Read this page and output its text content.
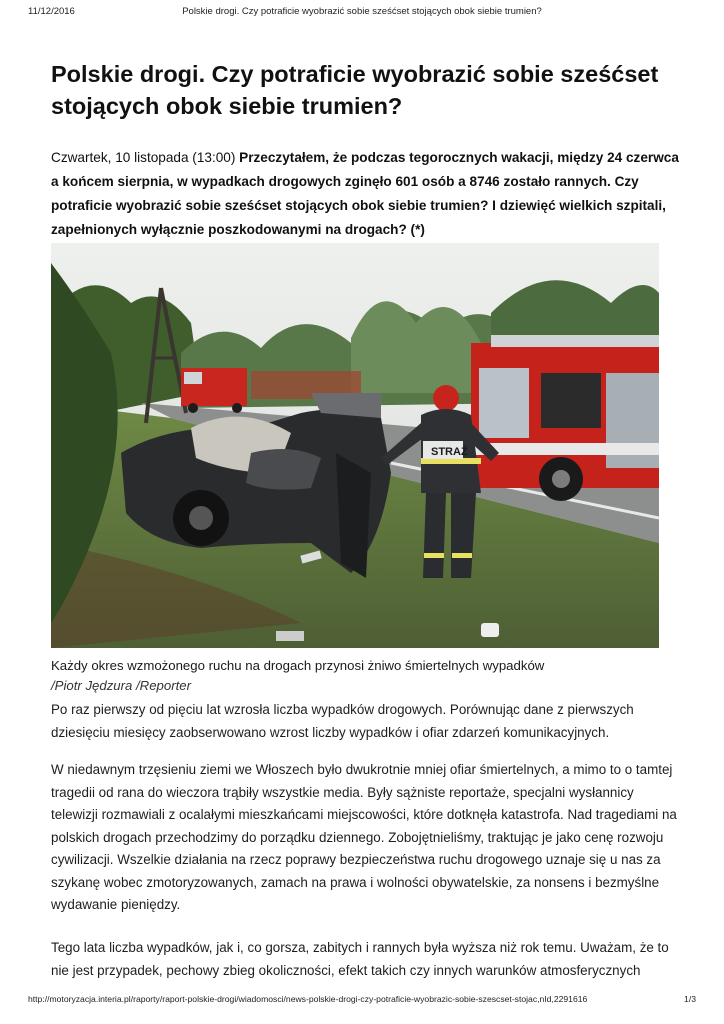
11/12/2016	Polskie drogi. Czy potraficie wyobrazić sobie sześćset stojących obok siebie trumien?
Polskie drogi. Czy potraficie wyobrazić sobie sześćset stojących obok siebie trumien?

Czwartek, 10 listopada (13:00) Przeczytałem, że podczas tegorocznych wakacji, między 24 czerwca a końcem sierpnia, w wypadkach drogowych zginęło 601 osób a 8746 zostało rannych. Czy potraficie wyobrazić sobie sześćset stojących obok siebie trumien? I dziewięć wielkich szpitali, zapełnionych wyłącznie poszkodowanymi na drogach? (*)

STRAŻ
Każdy okres wzmożonego ruchu na drogach przynosi żniwo śmiertelnych wypadków
/Piotr Jędzura /Reporter

Po raz pierwszy od pięciu lat wzrosła liczba wypadków drogowych. Porównując dane z pierwszych dziesięciu miesięcy zaobserwowano wzrost liczby wypadków i ofiar zdarzeń komunikacyjnych.

W niedawnym trzęsieniu ziemi we Włoszech było dwukrotnie mniej ofiar śmiertelnych, a mimo to o tamtej tragedii od rana do wieczora trąbiły wszystkie media. Były sążniste reportaże, specjalni wysłannicy telewizji rozmawiali z ocalałymi mieszkańcami miejscowości, które dotknęła katastrofa. Nad tragediami na polskich drogach przechodzimy do porządku dziennego. Zobojętnieliśmy, traktując je jako cenę rozwoju cywilizacji. Wszelkie działania na rzecz poprawy bezpieczeństwa ruchu drogowego uznaje się u nas za szykanę wobec zmotoryzowanych, zamach na prawa i wolności obywatelskie, za nonsens i bezmyślne wydawanie pieniędzy.

Tego lata liczba wypadków, jak i, co gorsza, zabitych i rannych była wyższa niż rok temu. Uważam, że to nie jest przypadek, pechowy zbieg okoliczności, efekt takich czy innych warunków atmosferycznych

http://motoryzacja.interia.pl/raporty/raport-polskie-drogi/wiadomosci/news-polskie-drogi-czy-potraficie-wyobrazic-sobie-szescset-stojac,nId,2291616	1/3
